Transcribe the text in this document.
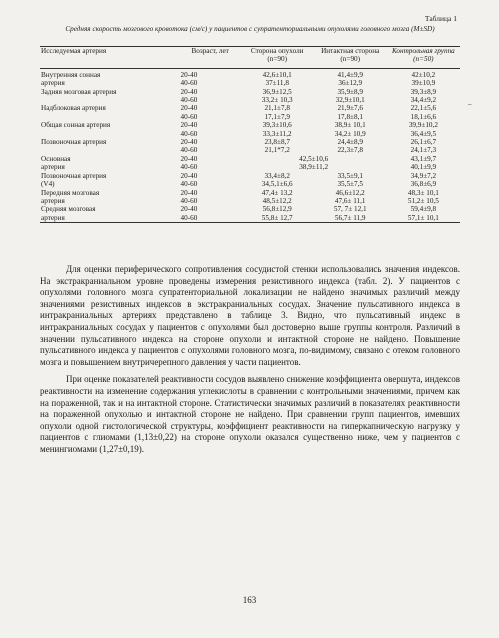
Таблица 1
Средняя скорость мозгового кровотока (см/с) у пациентов с супратенториальными опухолями головного мозга (M±SD)
–
Исследуемая артерия	Возраст, лет	Сторона опухоли (n=90)	Интактная сторона (n=90)	Контрольная группа (n=50)
Внутренняя сонная	20-40	42,6±10,1	41,4±9,9	42±10,2
артерия	40-60	37±11,8	36±12,9	39±10,9
Задняя мозговая артерия	20-40	36,9±12,5	35,9±8,9	39,3±8,9
	40-60	33,2± 10,3	32,9±10,1	34,4±9,2
Надблоковая артерия	20-40	21,1±7,8	21,9±7,6	22,1±5,6
	40-60	17,1±7,9	17,8±8,1	18,1±6,6
Общая сонная артерия	20-40	39,3±10,6	38,9± 10,1	39,9±10,2
	40-60	33,3±11,2	34,2± 10,9	36,4±9,5
Позвоночная артерия	20-40	23,8±8,7	24,4±8,9	26,1±6,7
	40-60	21,1*7,2	22,3±7,8	24,1±7,3
Основная	20-40	42,5±10,6		43,1±9,7
артерия	40-60	38,9±11,2		40,1±9,9
Позвоночная артерия	20-40	33,4±8,2	33,5±9,1	34,9±7,2
(V4)	40-60	34,5,1±6,6	35,5±7,5	36,8±6,9
Передняя мозговая	20-40	47,4± 13,2	46,6±12,2	48,3± 10,1
артерия	40-60	48,5±12,2	47,6± 11,1	51,2± 10,5
Средняя мозговая	20-40	56,8±12,9	57, 7± 12,1	59,4±9,8
артерия	40-60	55,8± 12,7	56,7± 11,9	57,1± 10,1

Для оценки периферического сопротивления сосудистой стенки использовались значения индексов. На экстракраниальном уровне проведены измерения резистивного индекса (табл. 2). У пациентов с опухолями головного мозга супратенториальной локализации не найдено значимых различий между значениями резистивных индексов в экстракраниальных сосудах. Значение пульсативного индекса в интракраниальных артериях представлено в таблице 3. Видно, что пульсативный индекс в интракраниальных сосудах у пациентов с опухолями был достоверно выше группы контроля. Различий в значении пульсативного индекса на стороне опухоли и интактной стороне не найдено. Повышение пульсативного индекса у пациентов с опухолями головного мозга, по-видимому, связано с отеком головного мозга и повышением внутричерепного давления у части пациентов.

При оценке показателей реактивности сосудов выявлено снижение коэффициента овершута, индексов реактивности на изменение содержания углекислоты в сравнении с контрольными значениями, причем как на пораженной, так и на интактной стороне. Статистически значимых различий в показателях реактивности на пораженной опухолью и интактной стороне не найдено. При сравнении групп пациентов, имевших опухоли одной гистологической структуры, коэффициент реактивности на гиперкапническую нагрузку у пациентов с глиомами (1,13±0,22) на стороне опухоли оказался существенно ниже, чем у пациентов с менингиомами (1,27±0,19).

163
